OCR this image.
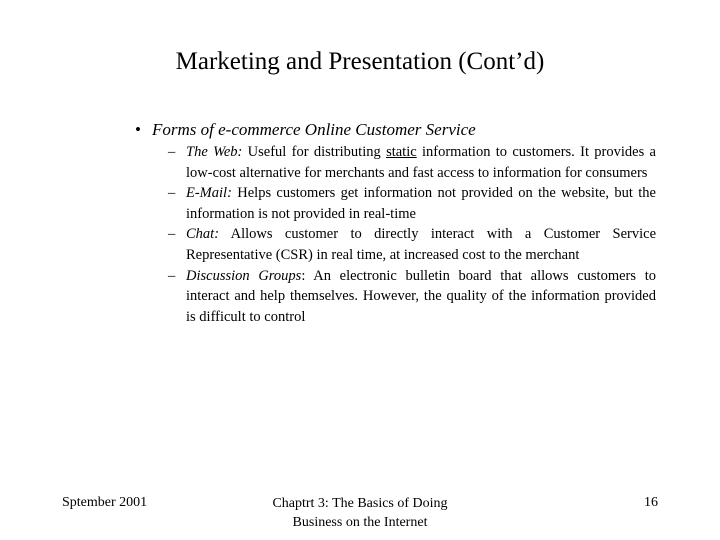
Marketing and Presentation (Cont’d)
• Forms of e-commerce Online Customer Service
– The Web: Useful for distributing static information to customers. It provides a low-cost alternative for merchants and fast access to information for consumers
– E-Mail: Helps customers get information not provided on the website, but the information is not provided in real-time
– Chat: Allows customer to directly interact with a Customer Service Representative (CSR) in real time, at increased cost to the merchant
– Discussion Groups: An electronic bulletin board that allows customers to interact and help themselves. However, the quality of the information provided is difficult to control
Sptember 2001	Chaptrt 3: The Basics of Doing
Business on the Internet
16
